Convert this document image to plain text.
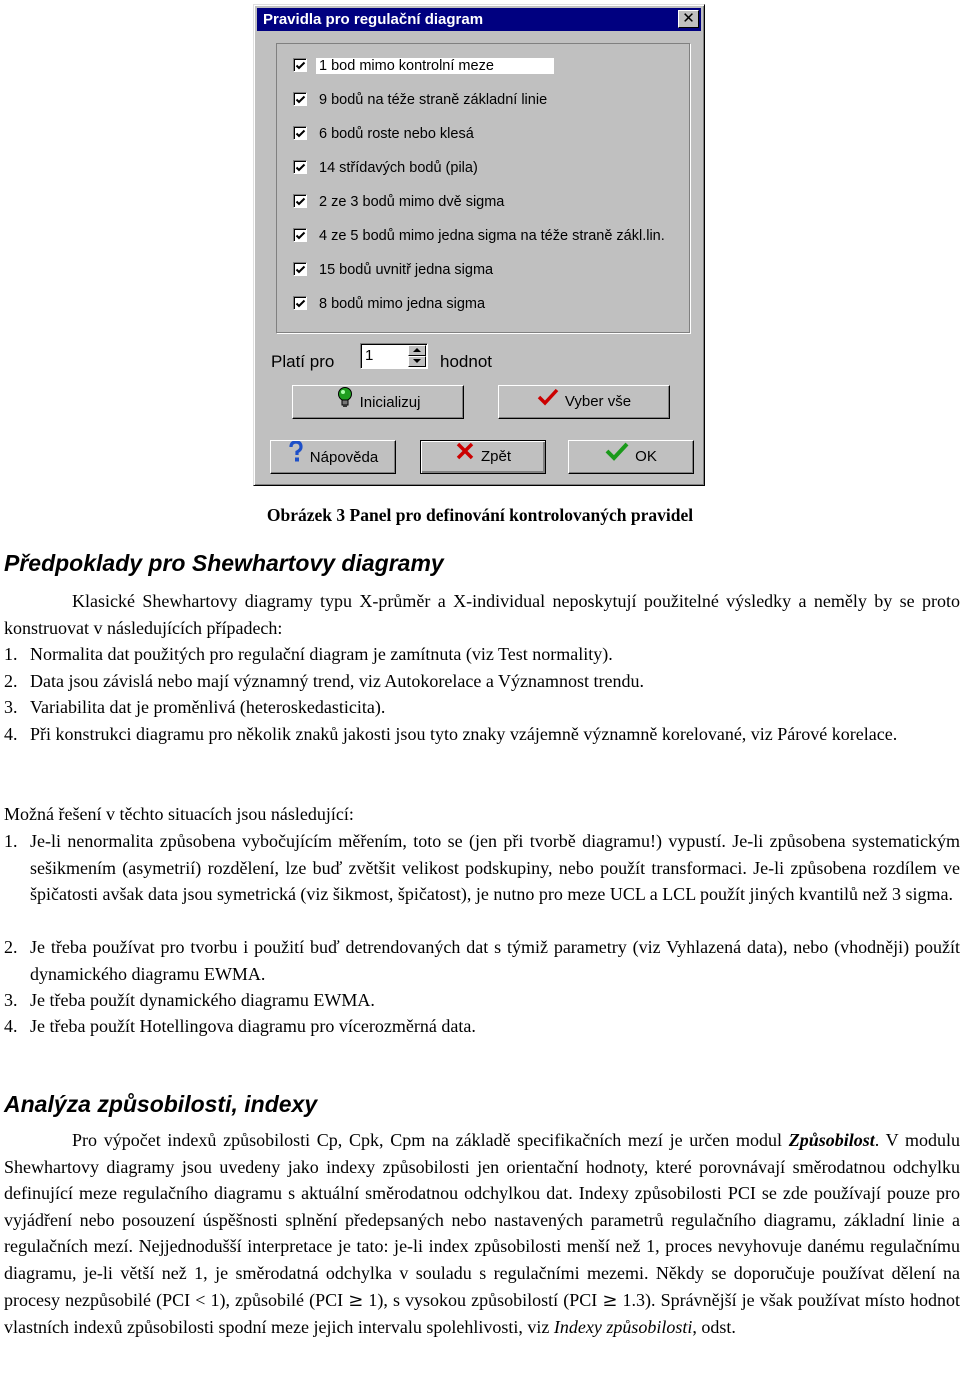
Pravidla pro regulační diagram	✕
1 bod mimo kontrolní meze
9 bodů na téže straně základní linie
6 bodů roste nebo klesá
14 střídavých bodů (pila)
2 ze 3 bodů mimo dvě sigma
4 ze 5 bodů mimo jedna sigma na téže straně zákl.lin.
15 bodů uvnitř jedna sigma
8 bodů mimo jedna sigma
Platí pro 1	hodnot
Inicializuj	Vyber vše
Nápověda	Zpět	OK
Obrázek 3 Panel pro definování kontrolovaných pravidel
Předpoklady pro Shewhartovy diagramy
Klasické Shewhartovy diagramy typu X-průměr a X-individual neposkytují použitelné výsledky a neměly by se proto konstruovat v následujících případech:
1. Normalita dat použitých pro regulační diagram je zamítnuta (viz Test normality).
2. Data jsou závislá nebo mají významný trend, viz Autokorelace a Významnost trendu.
3. Variabilita dat je proměnlivá (heteroskedasticita).
4. Při konstrukci diagramu pro několik znaků jakosti jsou tyto znaky vzájemně významně korelované, viz Párové korelace.
Možná řešení v těchto situacích jsou následující:
1. Je-li nenormalita způsobena vybočujícím měřením, toto se (jen při tvorbě diagramu!) vypustí. Je-li způsobena systematickým sešikmením (asymetrií) rozdělení, lze buď zvětšit velikost podskupiny, nebo použít transformaci. Je-li způsobena rozdílem ve špičatosti avšak data jsou symetrická (viz šikmost, špičatost), je nutno pro meze UCL a LCL použít jiných kvantilů než 3 sigma.
2. Je třeba používat pro tvorbu i použití buď detrendovaných dat s týmiž parametry (viz Vyhlazená data), nebo (vhodněji) použít dynamického diagramu EWMA.
3. Je třeba použít dynamického diagramu EWMA.
4. Je třeba použít Hotellingova diagramu pro vícerozměrná data.
Analýza způsobilosti, indexy
Pro výpočet indexů způsobilosti Cp, Cpk, Cpm na základě specifikačních mezí je určen modul Způsobilost. V modulu Shewhartovy diagramy jsou uvedeny jako indexy způsobilosti jen orientační hodnoty, které porovnávají směrodatnou odchylku definující meze regulačního diagramu s aktuální směrodatnou odchylkou dat. Indexy způsobilosti PCI se zde používají pouze pro vyjádření nebo posouzení úspěšnosti splnění předepsaných nebo nastavených parametrů regulačního diagramu, základní linie a regulačních mezí. Nejjednodušší interpretace je tato: je-li index způsobilosti menší než 1, proces nevyhovuje danému regulačnímu diagramu, je-li větší než 1, je směrodatná odchylka v souladu s regulačními mezemi. Někdy se doporučuje používat dělení na procesy nezpůsobilé (PCI < 1), způsobilé (PCI ≥ 1), s vysokou způsobilostí (PCI ≥ 1.3). Správnější je však používat místo hodnot vlastních indexů způsobilosti spodní meze jejich intervalu spolehlivosti, viz Indexy způsobilosti, odst.
